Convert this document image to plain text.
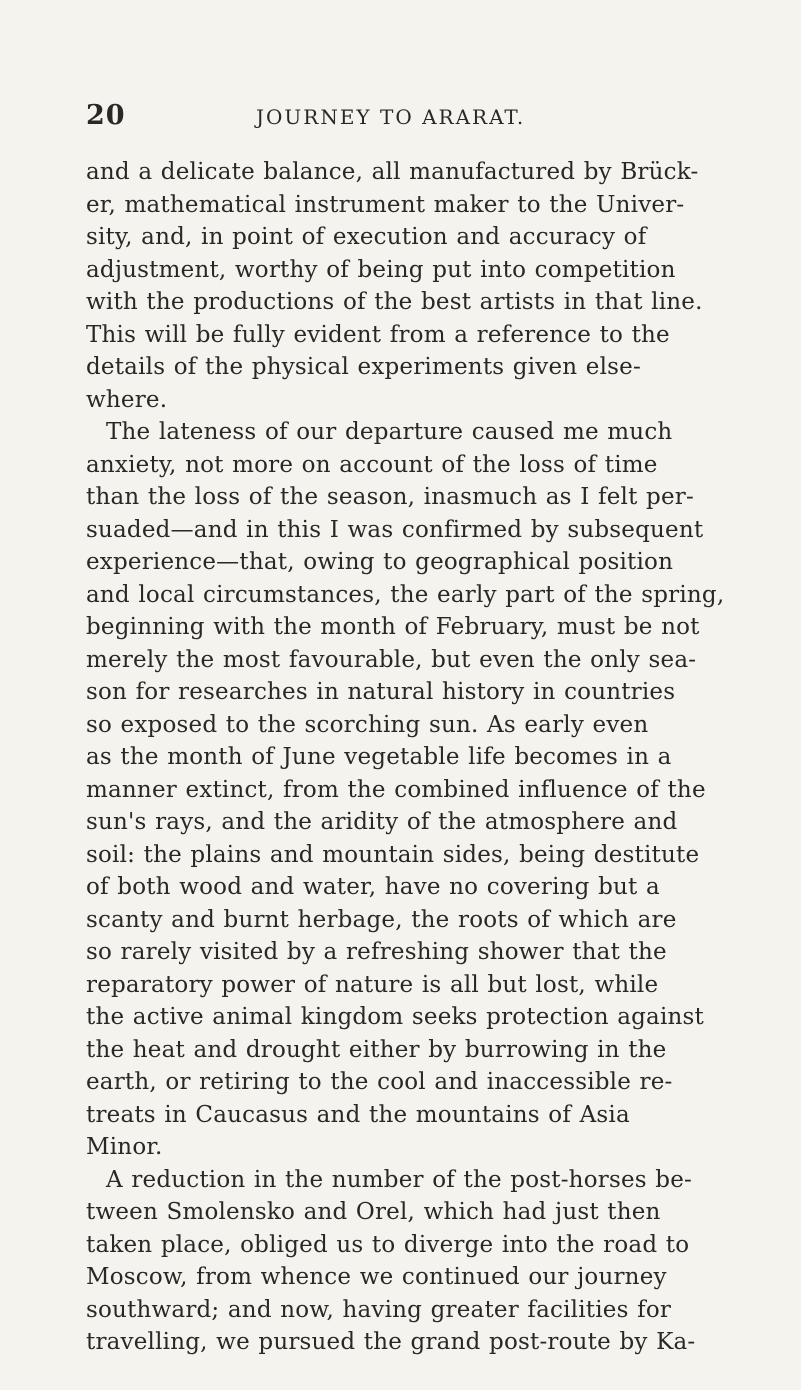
20	JOURNEY TO ARARAT.
and a delicate balance, all manufactured by Brück-
er, mathematical instrument maker to the Univer-
sity, and, in point of execution and accuracy of
adjustment, worthy of being put into competition
with the productions of the best artists in that line.
This will be fully evident from a reference to the
details of the physical experiments given else-
where.
The lateness of our departure caused me much
anxiety, not more on account of the loss of time
than the loss of the season, inasmuch as I felt per-
suaded—and in this I was confirmed by subsequent
experience—that, owing to geographical position
and local circumstances, the early part of the spring,
beginning with the month of February, must be not
merely the most favourable, but even the only sea-
son for researches in natural history in countries
so exposed to the scorching sun. As early even
as the month of June vegetable life becomes in a
manner extinct, from the combined influence of the
sun's rays, and the aridity of the atmosphere and
soil: the plains and mountain sides, being destitute
of both wood and water, have no covering but a
scanty and burnt herbage, the roots of which are
so rarely visited by a refreshing shower that the
reparatory power of nature is all but lost, while
the active animal kingdom seeks protection against
the heat and drought either by burrowing in the
earth, or retiring to the cool and inaccessible re-
treats in Caucasus and the mountains of Asia
Minor.
A reduction in the number of the post-horses be-
tween Smolensko and Orel, which had just then
taken place, obliged us to diverge into the road to
Moscow, from whence we continued our journey
southward; and now, having greater facilities for
travelling, we pursued the grand post-route by Ka-
